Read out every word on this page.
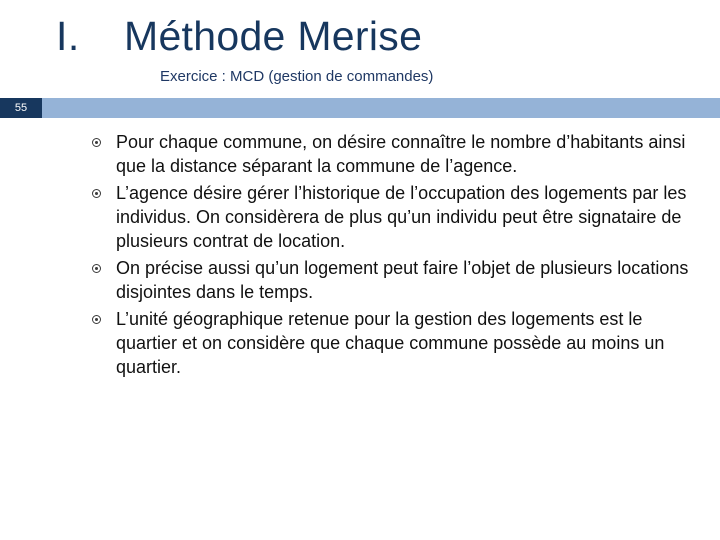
I. Méthode Merise
Exercice : MCD (gestion de commandes)
55
Pour chaque commune, on désire connaître le nombre d’habitants ainsi que la distance séparant la commune de l’agence.
L’agence désire gérer l’historique de l’occupation des logements par les individus. On considèrera de plus qu’un individu peut être signataire de plusieurs contrat de location.
On précise aussi qu’un logement peut faire l’objet de plusieurs locations disjointes dans le temps.
L’unité géographique retenue pour la gestion des logements est le quartier et on considère que chaque commune possède au moins un quartier.
